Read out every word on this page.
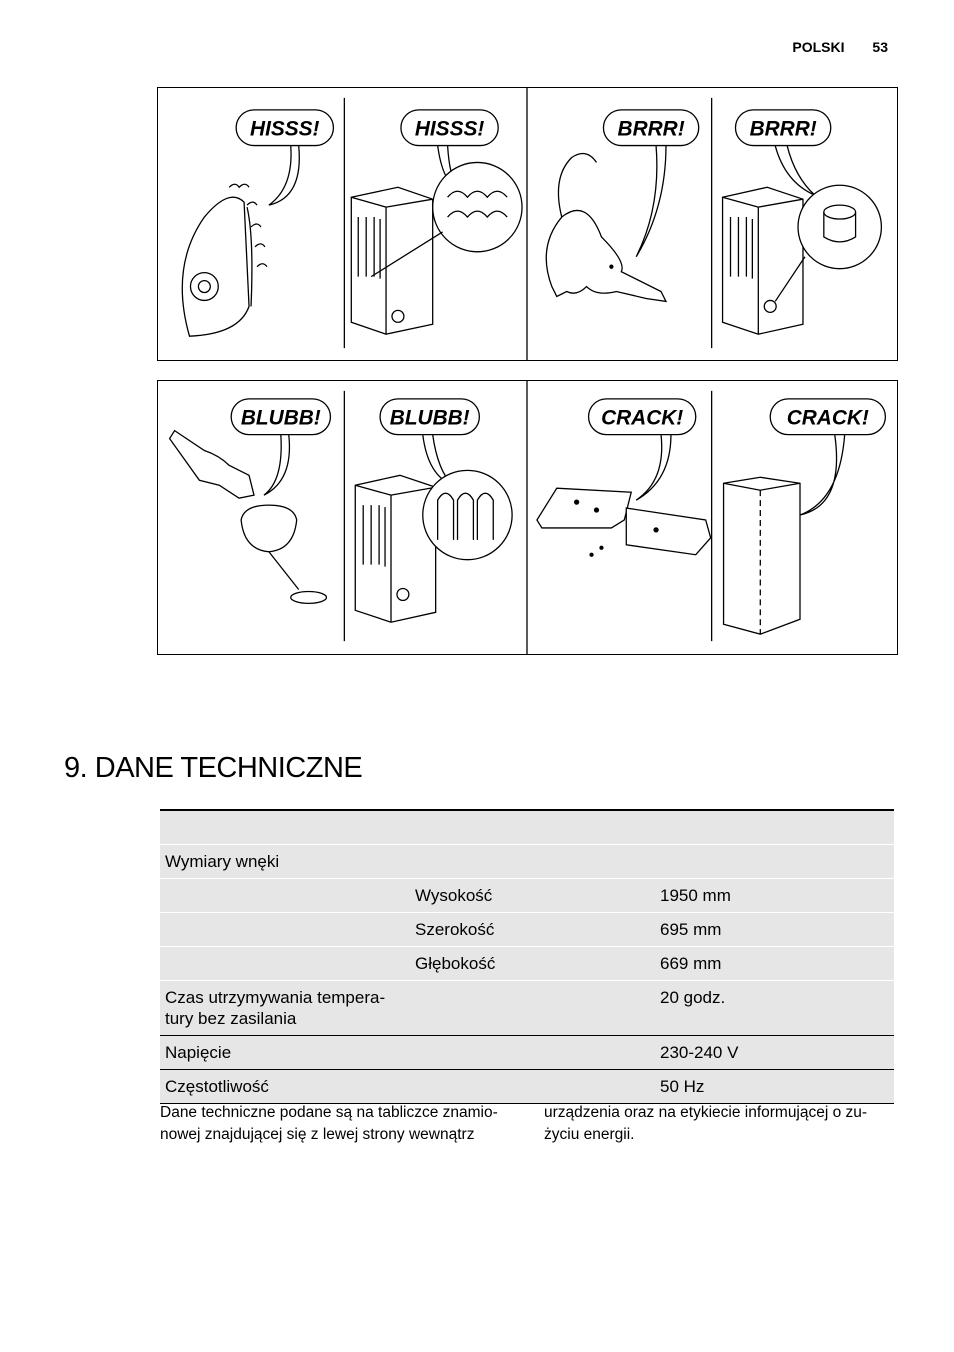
POLSKI 53
HISSS!	HISSS!	BRRR!	BRRR!
BLUBB!	BLUBB!	CRACK!	CRACK!
9. DANE TECHNICZNE

Wymiary wnęki		
	Wysokość	1950 mm
	Szerokość	695 mm
	Głębokość	669 mm

Czas utrzymywania tempera-
tury bez zasilania		20 godz.
Napięcie		230-240 V
Częstotliwość		50 Hz
Dane techniczne podane są na tabliczce znamio- nowej znajdującej się z lewej strony wewnątrz
urządzenia oraz na etykiecie informującej o zu- życiu energii.
